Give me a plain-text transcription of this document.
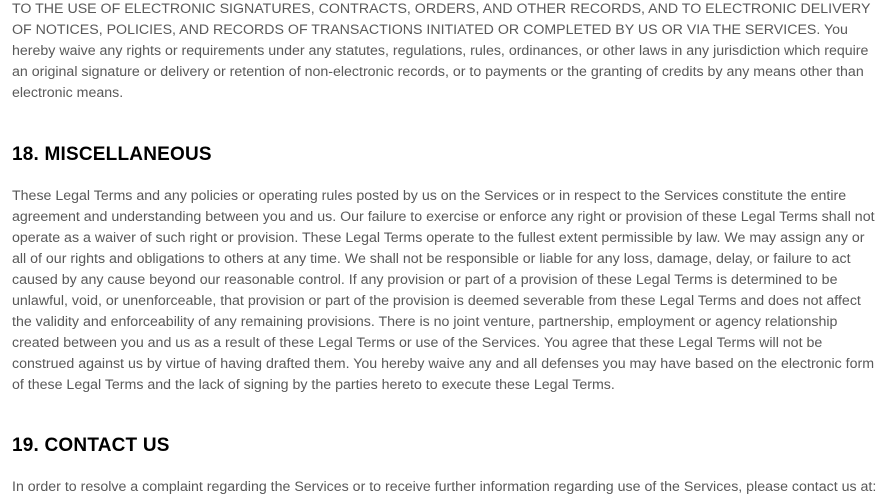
TO THE USE OF ELECTRONIC SIGNATURES, CONTRACTS, ORDERS, AND OTHER RECORDS, AND TO ELECTRONIC DELIVERY OF NOTICES, POLICIES, AND RECORDS OF TRANSACTIONS INITIATED OR COMPLETED BY US OR VIA THE SERVICES. You hereby waive any rights or requirements under any statutes, regulations, rules, ordinances, or other laws in any jurisdiction which require an original signature or delivery or retention of non-electronic records, or to payments or the granting of credits by any means other than electronic means.

18. MISCELLANEOUS

These Legal Terms and any policies or operating rules posted by us on the Services or in respect to the Services constitute the entire agreement and understanding between you and us. Our failure to exercise or enforce any right or provision of these Legal Terms shall not operate as a waiver of such right or provision. These Legal Terms operate to the fullest extent permissible by law. We may assign any or all of our rights and obligations to others at any time. We shall not be responsible or liable for any loss, damage, delay, or failure to act caused by any cause beyond our reasonable control. If any provision or part of a provision of these Legal Terms is determined to be unlawful, void, or unenforceable, that provision or part of the provision is deemed severable from these Legal Terms and does not affect the validity and enforceability of any remaining provisions. There is no joint venture, partnership, employment or agency relationship created between you and us as a result of these Legal Terms or use of the Services. You agree that these Legal Terms will not be construed against us by virtue of having drafted them. You hereby waive any and all defenses you may have based on the electronic form of these Legal Terms and the lack of signing by the parties hereto to execute these Legal Terms.

19. CONTACT US

In order to resolve a complaint regarding the Services or to receive further information regarding use of the Services, please contact us at:
